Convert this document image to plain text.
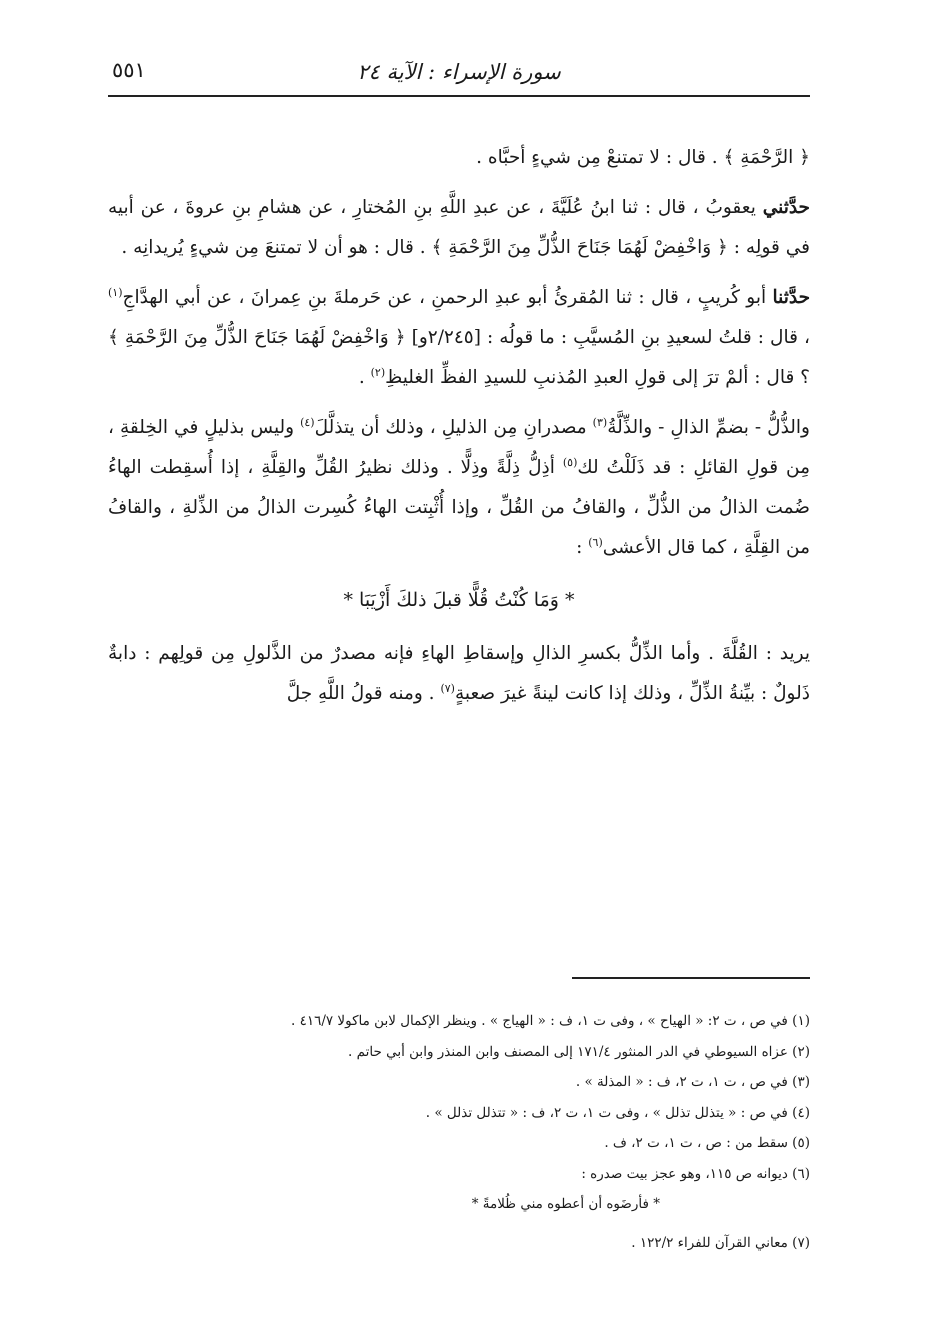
سورة الإسراء : الآية ٢٤
٥٥١

﴿ الرَّحْمَةِ ﴾ . قال : لا تمتنعْ مِن شيءٍ أحبَّاه .

حدَّثني يعقوبُ ، قال : ثنا ابنُ عُلَيَّةَ ، عن عبدِ اللَّهِ بنِ المُختارِ ، عن هشامِ بنِ عروةَ ، عن أبيه في قولِه : ﴿ وَاخْفِضْ لَهُمَا جَنَاحَ الذُّلِّ مِنَ الرَّحْمَةِ ﴾ . قال : هو أن لا تمتنعَ مِن شيءٍ يُريدانِه .

حدَّثنا أبو كُريبٍ ، قال : ثنا المُقرئُ أبو عبدِ الرحمنِ ، عن حَرملةَ بنِ عِمرانَ ، عن أبي الهدَّاجِ$^{(١)}$ ، قال : قلتُ لسعيدِ بنِ المُسيَّبِ : ما قولُه : [٢/٢٤٥و] ﴿ وَاخْفِضْ لَهُمَا جَنَاحَ الذُّلِّ مِنَ الرَّحْمَةِ ﴾ ؟ قال : ألمْ ترَ إلى قولِ العبدِ المُذنبِ للسيدِ الفظِّ الغليظِ$^{(٢)}$ .

والذُّلُّ - بضمِّ الذالِ - والذِّلَّةُ$^{(٣)}$ مصدرانِ مِن الذليلِ ، وذلك أن يتذلَّلَ$^{(٤)}$ وليس بذليلٍ في الخِلقةِ ، مِن قولِ القائلِ : قد ذَلَلْتُ لك$^{(٥)}$ أذِلُّ ذِلَّةً وذِلًّا . وذلك نظيرُ القُلِّ والقِلَّةِ ، إذا أُسقِطت الهاءُ ضُمت الذالُ من الذُّلِّ ، والقافُ من القُلِّ ، وإذا أُثْبِتت الهاءُ كُسِرت الذالُ من الذِّلةِ ، والقافُ من القِلَّةِ ، كما قال الأعشى$^{(٦)}$ :

* وَمَا كُنْتُ قُلًّا قبلَ ذلكَ أَزْيَبَا *

يريد : القُلَّةَ . وأما الذِّلُّ بكسرِ الذالِ وإسقاطِ الهاءِ فإنه مصدرٌ من الذَّلولِ مِن قولِهم : دابةٌ ذَلولٌ : بيِّنةُ الذِّلِّ ، وذلك إذا كانت لينةً غيرَ صعبةٍ$^{(٧)}$ . ومنه قولُ اللَّهِ جلَّ

(١) في ص ، ت ٢: « الهياح » ، وفى ت ١، ف : « الهياج » . وينظر الإكمال لابن ماكولا ٤١٦/٧ .
(٢) عزاه السيوطي في الدر المنثور ١٧١/٤ إلى المصنف وابن المنذر وابن أبي حاتم .
(٣) في ص ، ت ١، ت ٢، ف : « المذلة » .
(٤) في ص : « يتذلل تذلل » ، وفى ت ١، ت ٢، ف : « تتذلل تذلل » .
(٥) سقط من : ص ، ت ١، ت ٢، ف .
(٦) ديوانه ص ١١٥، وهو عجز بيت صدره :
* فأرضَوه أن أعطوه مني ظُلامةً *
(٧) معاني القرآن للفراء ١٢٢/٢ .
